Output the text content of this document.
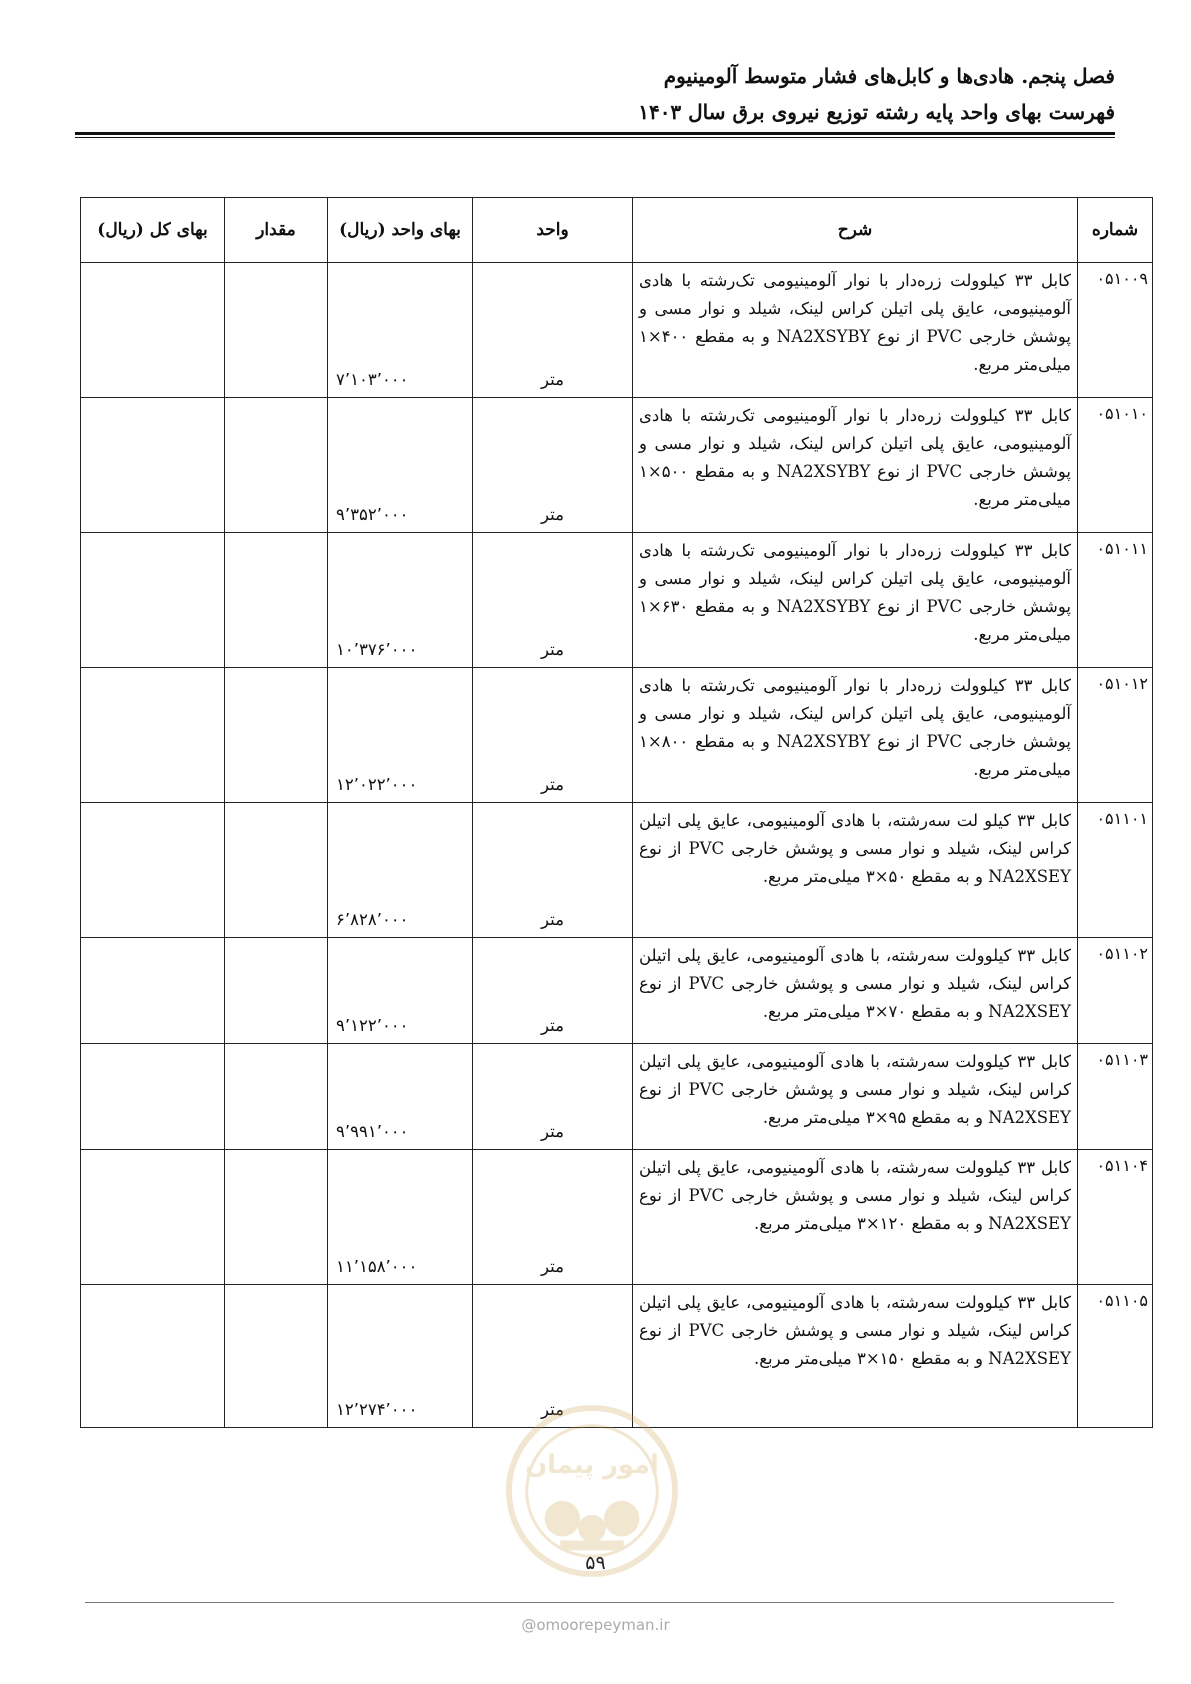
فصل پنجم. هادی‌ها و کابل‌های فشار متوسط آلومینیوم
فهرست بهای واحد پایه رشته توزیع نیروی برق سال ۱۴۰۳
شماره	شرح	واحد	بهای واحد (ریال)	مقدار	بهای کل (ریال)
۰۵۱۰۰۹	کابل ۳۳ کیلوولت زره‌دار با نوار آلومینیومی تک‌رشته با هادی آلومینیومی، عایق پلی اتیلن کراس لینک، شیلد و نوار مسی و پوشش خارجی PVC از نوع NA2XSYBY و به مقطع ۴۰۰×۱ میلی‌متر مربع.	متر	۷٬۱۰۳٬۰۰۰		
۰۵۱۰۱۰	کابل ۳۳ کیلوولت زره‌دار با نوار آلومینیومی تک‌رشته با هادی آلومینیومی، عایق پلی اتیلن کراس لینک، شیلد و نوار مسی و پوشش خارجی PVC از نوع NA2XSYBY و به مقطع ۵۰۰×۱ میلی‌متر مربع.	متر	۹٬۳۵۲٬۰۰۰		
۰۵۱۰۱۱	کابل ۳۳ کیلوولت زره‌دار با نوار آلومینیومی تک‌رشته با هادی آلومینیومی، عایق پلی اتیلن کراس لینک، شیلد و نوار مسی و پوشش خارجی PVC از نوع NA2XSYBY و به مقطع ۶۳۰×۱ میلی‌متر مربع.	متر	۱۰٬۳۷۶٬۰۰۰		
۰۵۱۰۱۲	کابل ۳۳ کیلوولت زره‌دار با نوار آلومینیومی تک‌رشته با هادی آلومینیومی، عایق پلی اتیلن کراس لینک، شیلد و نوار مسی و پوشش خارجی PVC از نوع NA2XSYBY و به مقطع ۸۰۰×۱ میلی‌متر مربع.	متر	۱۲٬۰۲۲٬۰۰۰		
۰۵۱۱۰۱	کابل ۳۳ کیلو لت سه‌رشته، با هادی آلومینیومی، عایق پلی اتیلن کراس لینک، شیلد و نوار مسی و پوشش خارجی PVC از نوع NA2XSEY و به مقطع ۵۰×۳ میلی‌متر مربع.	متر	۶٬۸۲۸٬۰۰۰		
۰۵۱۱۰۲	کابل ۳۳ کیلوولت سه‌رشته، با هادی آلومینیومی، عایق پلی اتیلن کراس لینک، شیلد و نوار مسی و پوشش خارجی PVC از نوع NA2XSEY و به مقطع ۷۰×۳ میلی‌متر مربع.	متر	۹٬۱۲۲٬۰۰۰		
۰۵۱۱۰۳	کابل ۳۳ کیلوولت سه‌رشته، با هادی آلومینیومی، عایق پلی اتیلن کراس لینک، شیلد و نوار مسی و پوشش خارجی PVC از نوع NA2XSEY و به مقطع ۹۵×۳ میلی‌متر مربع.	متر	۹٬۹۹۱٬۰۰۰		
۰۵۱۱۰۴	کابل ۳۳ کیلوولت سه‌رشته، با هادی آلومینیومی، عایق پلی اتیلن کراس لینک، شیلد و نوار مسی و پوشش خارجی PVC از نوع NA2XSEY و به مقطع ۱۲۰×۳ میلی‌متر مربع.	متر	۱۱٬۱۵۸٬۰۰۰		
۰۵۱۱۰۵	کابل ۳۳ کیلوولت سه‌رشته، با هادی آلومینیومی، عایق پلی اتیلن کراس لینک، شیلد و نوار مسی و پوشش خارجی PVC از نوع NA2XSEY و به مقطع ۱۵۰×۳ میلی‌متر مربع.	متر	۱۲٬۲۷۴٬۰۰۰		
امور پیمان
۵۹
@omoorepeyman.ir
